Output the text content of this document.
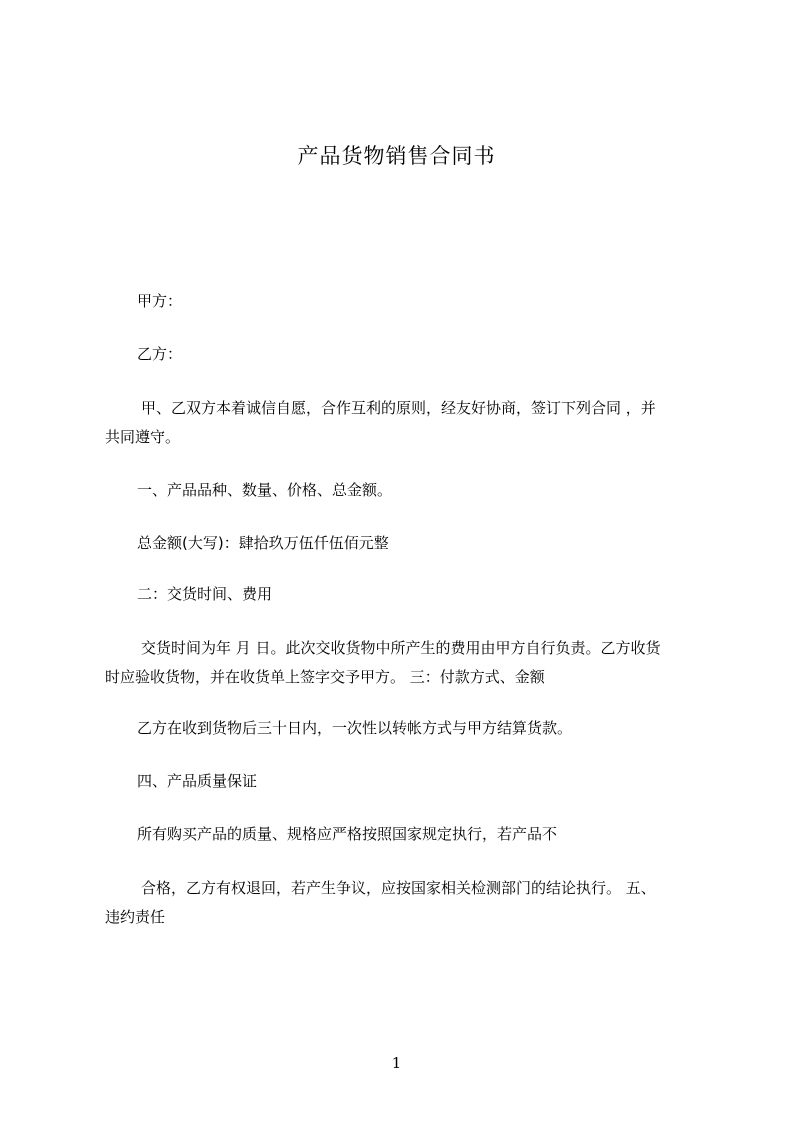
产品货物销售合同书
甲方：
乙方：
甲、乙双方本着诚信自愿，合作互利的原则，经友好协商，签订下列合同 ，并
共同遵守。
一、产品品种、数量、价格、总金额。
总金额(大写)：肆拾玖万伍仟伍佰元整
二：交货时间、费用
交货时间为年 月 日。此次交收货物中所产生的费用由甲方自行负责。乙方收货
时应验收货物，并在收货单上签字交予甲方。 三：付款方式、金额
乙方在收到货物后三十日内，一次性以转帐方式与甲方结算货款。
四、产品质量保证
所有购买产品的质量、规格应严格按照国家规定执行，若产品不
合格，乙方有权退回，若产生争议，应按国家相关检测部门的结论执行。 五、
违约责任
1
